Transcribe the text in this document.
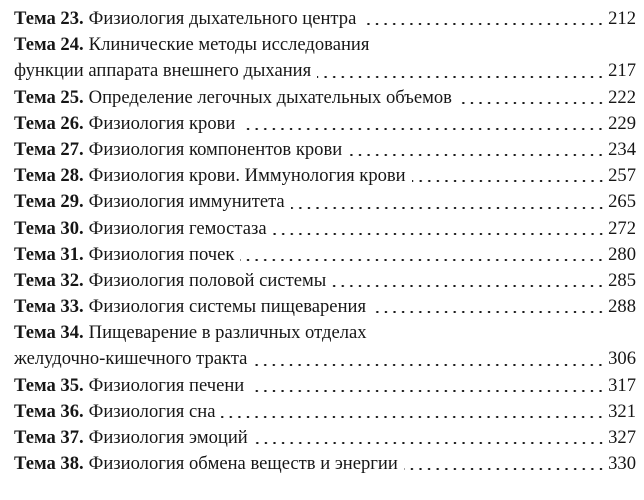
Тема 23. Физиология дыхательного центра	212
Тема 24. Клинические методы исследования
функции аппарата внешнего дыхания	217
Тема 25. Определение легочных дыхательных объемов	222
Тема 26. Физиология крови	229
Тема 27. Физиология компонентов крови	234
Тема 28. Физиология крови. Иммунология крови	257
Тема 29. Физиология иммунитета	265
Тема 30. Физиология гемостаза	272
Тема 31. Физиология почек	280
Тема 32. Физиология половой системы	285
Тема 33. Физиология системы пищеварения	288
Тема 34. Пищеварение в различных отделах
желудочно-кишечного тракта	306
Тема 35. Физиология печени	317
Тема 36. Физиология сна	321
Тема 37. Физиология эмоций	327
Тема 38. Физиология обмена веществ и энергии	330
